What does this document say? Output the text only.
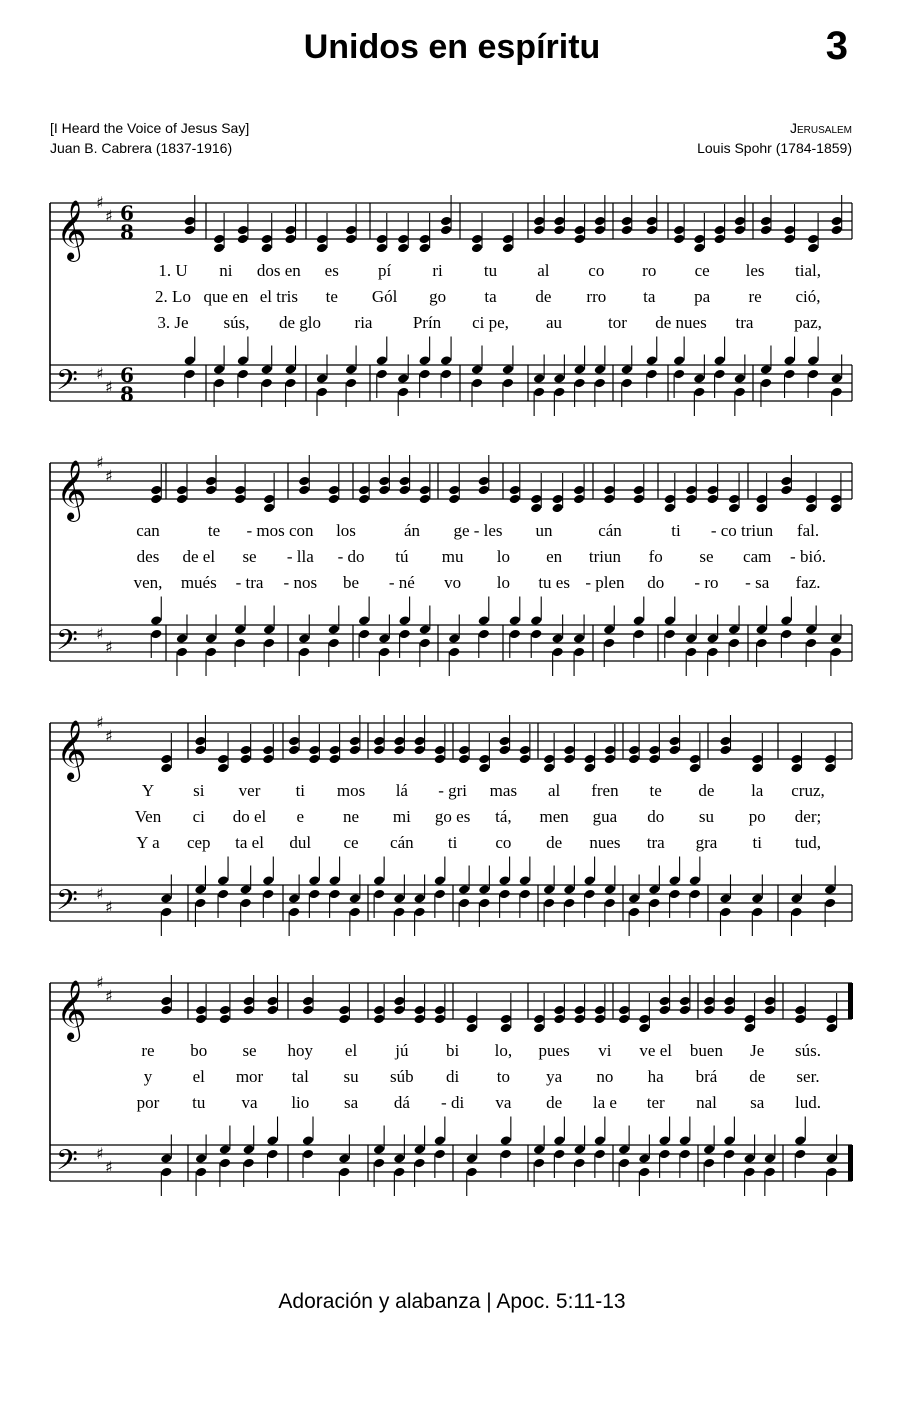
Unidos en espíritu	3
[I Heard the Voice of Jesus Say]
Juan B. Cabrera (1837-1916)
Jerusalem
Louis Spohr (1784-1859)
𝄞
𝄢
♯
♯
♯
♯
6
8
6
8
1. U ni dos en es pí ri tu al co ro ce les tial,
2. Lo que en el tris te Gól go ta de rro ta pa re ció,
3. Je sús, de glo ria Prín ci pe, au	tor de nues tra paz,
𝄞
𝄢
♯
♯
♯
♯
can	te - mos con los	án ge - les un	cán	ti - co triun fal.
des de el se - lla - do tú mu lo en triun fo se cam - bió.
ven, mués - tra - nos be - né vo lo tu es - plen do - ro - sa faz.
𝄞
𝄢
♯
♯
♯
♯
Y si ver ti mos lá - gri mas al fren te de la cruz,
Ven ci do el e ne mi go es tá, men gua do su po der;
Y a cep ta el dul ce cán ti co de nues tra gra ti tud,
𝄞
𝄢
♯
♯
♯
♯
re bo se hoy el jú bi lo, pues vi ve el buen Je sús.
y el mor tal su súb di to ya no ha brá de ser.
por tu va lio sa dá - di va de la e ter nal sa lud.
Adoración y alabanza | Apoc. 5:11-13
